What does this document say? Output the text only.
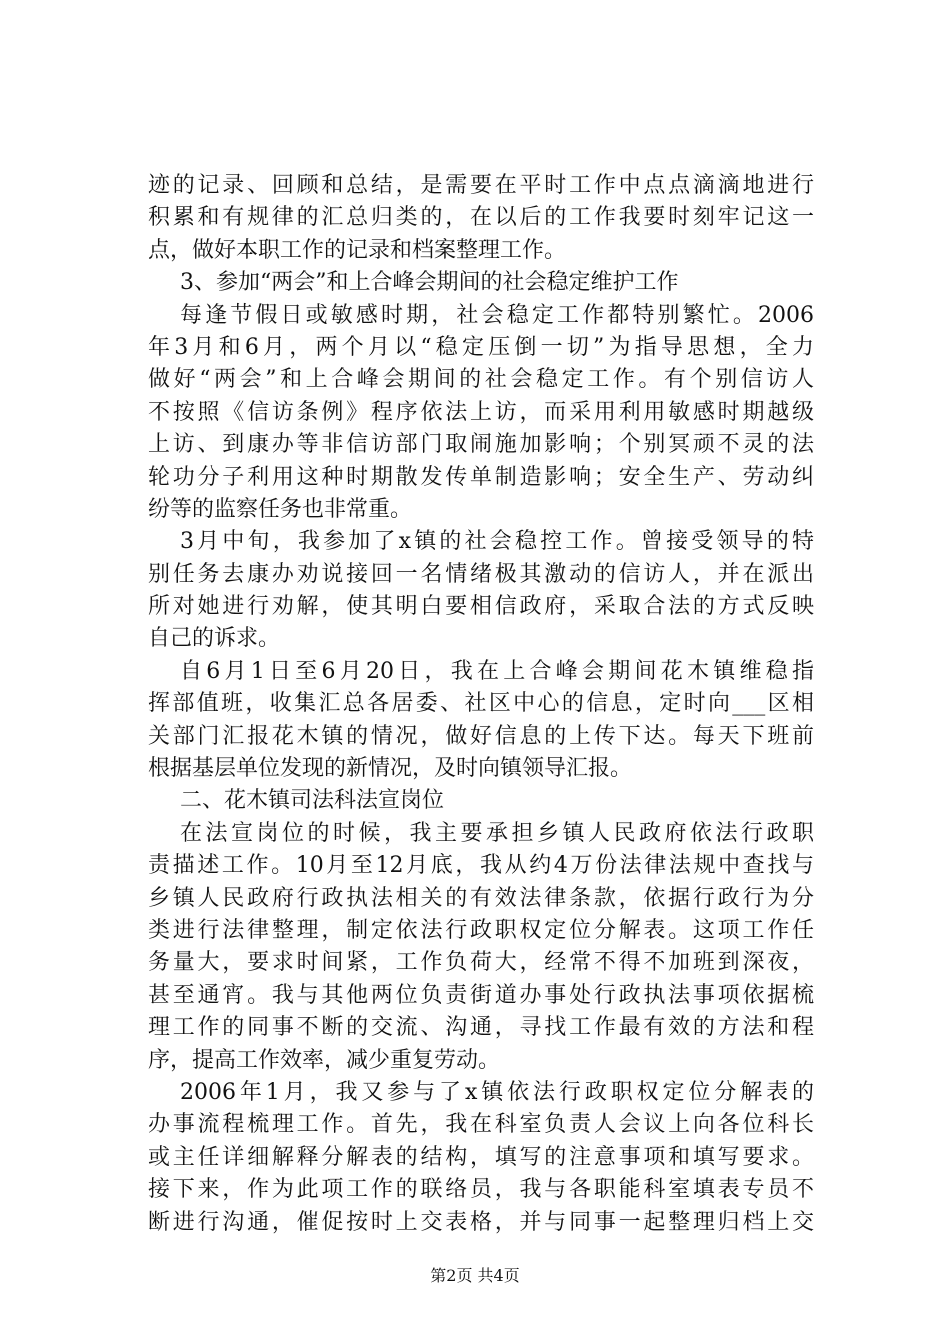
迹的记录、回顾和总结，是需要在平时工作中点点滴滴地进行
积累和有规律的汇总归类的，在以后的工作我要时刻牢记这一
点，做好本职工作的记录和档案整理工作。
3、参加“两会”和上合峰会期间的社会稳定维护工作
每逢节假日或敏感时期，社会稳定工作都特别繁忙。2006
年3月和6月，两个月以“稳定压倒一切”为指导思想，全力
做好“两会”和上合峰会期间的社会稳定工作。有个别信访人
不按照《信访条例》程序依法上访，而采用利用敏感时期越级
上访、到康办等非信访部门取闹施加影响；个别冥顽不灵的法
轮功分子利用这种时期散发传单制造影响；安全生产、劳动纠
纷等的监察任务也非常重。
3月中旬，我参加了x镇的社会稳控工作。曾接受领导的特
别任务去康办劝说接回一名情绪极其激动的信访人，并在派出
所对她进行劝解，使其明白要相信政府，采取合法的方式反映
自己的诉求。
自6月1日至6月20日，我在上合峰会期间花木镇维稳指
挥部值班，收集汇总各居委、社区中心的信息，定时向___区相
关部门汇报花木镇的情况，做好信息的上传下达。每天下班前
根据基层单位发现的新情况，及时向镇领导汇报。
二、花木镇司法科法宣岗位
在法宣岗位的时候，我主要承担乡镇人民政府依法行政职
责描述工作。10月至12月底，我从约4万份法律法规中查找与
乡镇人民政府行政执法相关的有效法律条款，依据行政行为分
类进行法律整理，制定依法行政职权定位分解表。这项工作任
务量大，要求时间紧，工作负荷大，经常不得不加班到深夜，
甚至通宵。我与其他两位负责街道办事处行政执法事项依据梳
理工作的同事不断的交流、沟通，寻找工作最有效的方法和程
序，提高工作效率，减少重复劳动。
2006年1月，我又参与了x镇依法行政职权定位分解表的
办事流程梳理工作。首先，我在科室负责人会议上向各位科长
或主任详细解释分解表的结构，填写的注意事项和填写要求。
接下来，作为此项工作的联络员，我与各职能科室填表专员不
断进行沟通，催促按时上交表格，并与同事一起整理归档上交
第2页 共4页
